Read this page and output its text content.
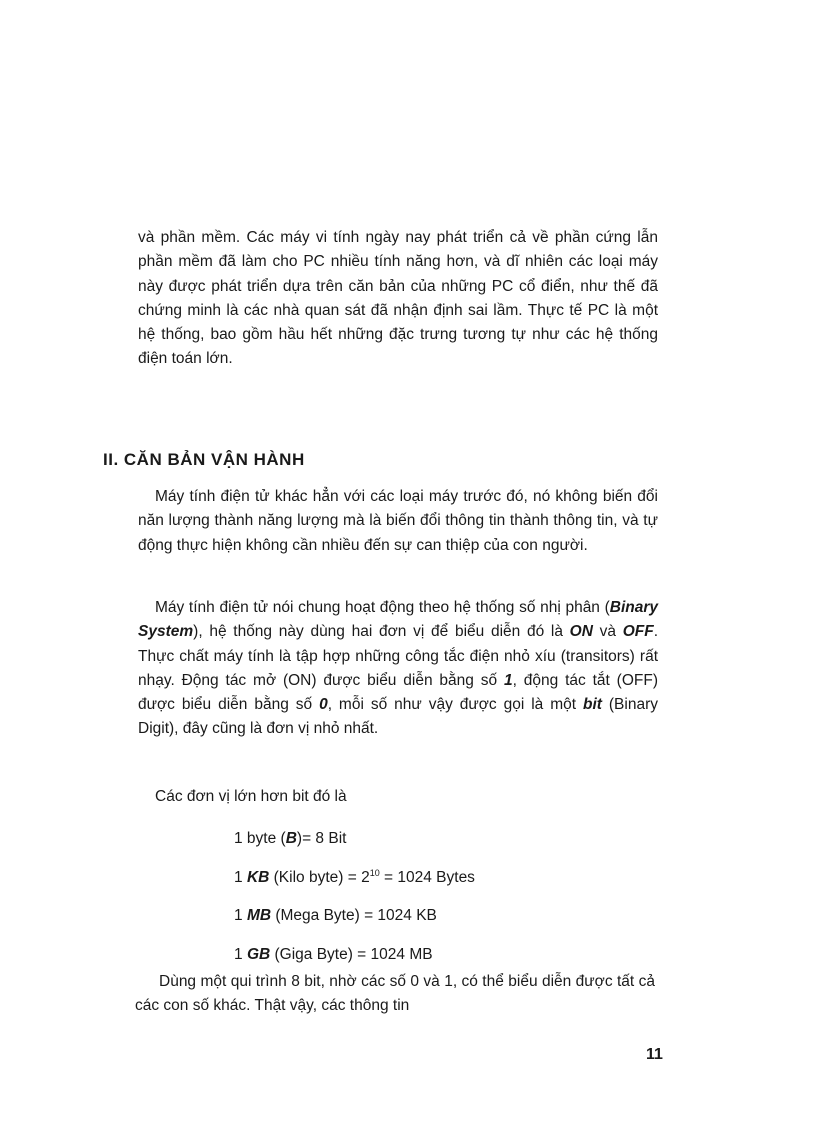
và phần mềm. Các máy vi tính ngày nay phát triển cả về phần cứng lẫn phần mềm đã làm cho PC nhiều tính năng hơn, và dĩ nhiên các loại máy này được phát triển dựa trên căn bản của những PC cổ điển, như thế đã chứng minh là các nhà quan sát đã nhận định sai lầm. Thực tế PC là một hệ thống, bao gồm hầu hết những đặc trưng tương tự như các hệ thống điện toán lớn.

II. CĂN BẢN VẬN HÀNH

Máy tính điện tử khác hẳn với các loại máy trước đó, nó không biến đổi năn lượng thành năng lượng mà là biến đổi thông tin thành thông tin, và tự động thực hiện không cần nhiều đến sự can thiệp của con người.

Máy tính điện tử nói chung hoạt động theo hệ thống số nhị phân (Binary System), hệ thống này dùng hai đơn vị để biểu diễn đó là ON và OFF. Thực chất máy tính là tập hợp những công tắc điện nhỏ xíu (transitors) rất nhạy. Động tác mở (ON) được biểu diễn bằng số 1, động tác tắt (OFF) được biểu diễn bằng số 0, mỗi số như vậy được gọi là một bit (Binary Digit), đây cũng là đơn vị nhỏ nhất.

Các đơn vị lớn hơn bit đó là

1 byte (B)= 8 Bit
1 KB (Kilo byte) = $2^{10} = 1024$ Bytes
1 MB (Mega Byte) = 1024 KB
1 GB (Giga Byte) = 1024 MB

Dùng một qui trình 8 bit, nhờ các số 0 và 1, có thể biểu diễn được tất cả các con số khác. Thật vậy, các thông tin

11
